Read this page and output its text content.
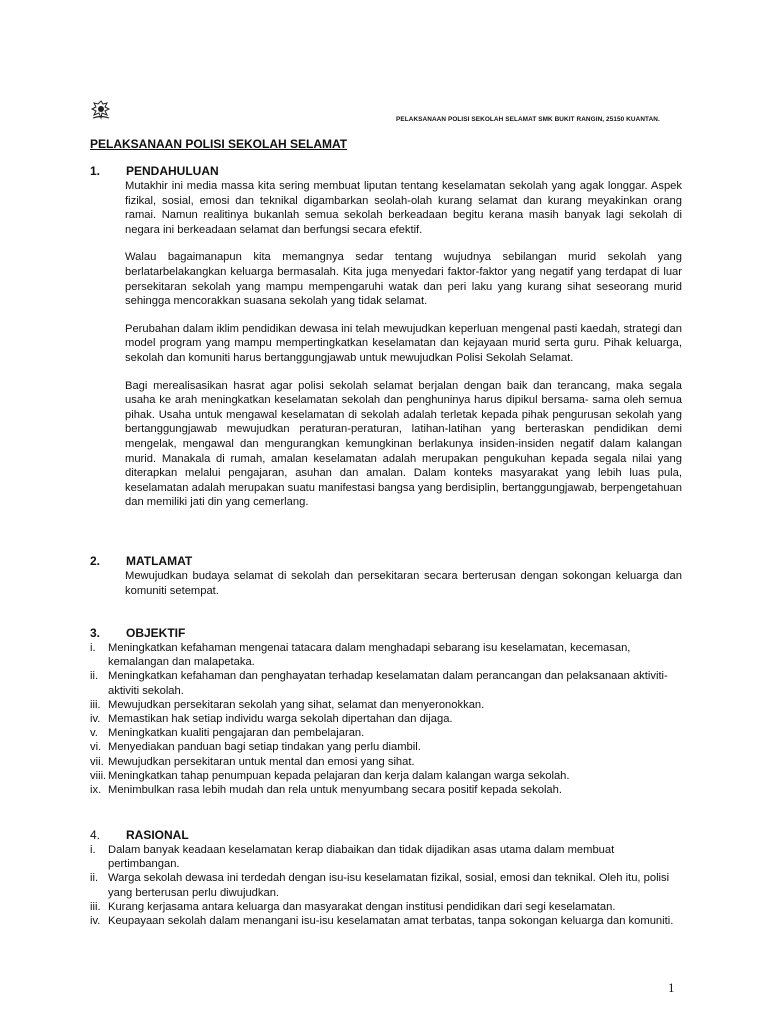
PELAKSANAAN POLISI SEKOLAH SELAMAT SMK BUKIT RANGIN, 25150 KUANTAN.
PELAKSANAAN POLISI SEKOLAH SELAMAT
1.	PENDAHULUAN

Mutakhir ini media massa kita sering membuat liputan tentang keselamatan sekolah yang agak longgar. Aspek fizikal, sosial, emosi dan teknikal digambarkan seolah-olah kurang selamat dan kurang meyakinkan orang ramai. Namun realitinya bukanlah semua sekolah berkeadaan begitu kerana masih banyak lagi sekolah di negara ini berkeadaan selamat dan berfungsi secara efektif.

Walau bagaimanapun kita memangnya sedar tentang wujudnya sebilangan murid sekolah yang berlatarbelakangkan keluarga bermasalah. Kita juga menyedari faktor-faktor yang negatif yang terdapat di luar persekitaran sekolah yang mampu mempengaruhi watak dan peri laku yang kurang sihat seseorang murid sehingga mencorakkan suasana sekolah yang tidak selamat.

Perubahan dalam iklim pendidikan dewasa ini telah mewujudkan keperluan mengenal pasti kaedah, strategi dan model program yang mampu mempertingkatkan keselamatan dan kejayaan murid serta guru. Pihak keluarga, sekolah dan komuniti harus bertanggungjawab untuk mewujudkan Polisi Sekolah Selamat.

Bagi merealisasikan hasrat agar polisi sekolah selamat berjalan dengan baik dan terancang, maka segala usaha ke arah meningkatkan keselamatan sekolah dan penghuninya harus dipikul bersama- sama oleh semua pihak. Usaha untuk mengawal keselamatan di sekolah adalah terletak kepada pihak pengurusan sekolah yang bertanggungjawab mewujudkan peraturan-peraturan, latihan-latihan yang berteraskan pendidikan demi mengelak, mengawal dan mengurangkan kemungkinan berlakunya insiden-insiden negatif dalam kalangan murid. Manakala di rumah, amalan keselamatan adalah merupakan pengukuhan kepada segala nilai yang diterapkan melalui pengajaran, asuhan dan amalan. Dalam konteks masyarakat yang lebih luas pula, keselamatan adalah merupakan suatu manifestasi bangsa yang berdisiplin, bertanggungjawab, berpengetahuan dan memiliki jati din yang cemerlang.

2.	MATLAMAT

Mewujudkan budaya selamat di sekolah dan persekitaran secara berterusan dengan sokongan keluarga dan komuniti setempat.

3.	OBJEKTIF
i.	Meningkatkan kefahaman mengenai tatacara dalam menghadapi sebarang isu keselamatan, kecemasan, kemalangan dan malapetaka.
ii. Meningkatkan kefahaman dan penghayatan terhadap keselamatan dalam perancangan dan pelaksanaan aktiviti-aktiviti sekolah.
iii. Mewujudkan persekitaran sekolah yang sihat, selamat dan menyeronokkan.
iv. Memastikan hak setiap individu warga sekolah dipertahan dan dijaga.
v. Meningkatkan kualiti pengajaran dan pembelajaran.
vi. Menyediakan panduan bagi setiap tindakan yang perlu diambil.
vii. Mewujudkan persekitaran untuk mental dan emosi yang sihat.
viii. Meningkatkan tahap penumpuan kepada pelajaran dan kerja dalam kalangan warga sekolah.
ix. Menimbulkan rasa lebih mudah dan rela untuk menyumbang secara positif kepada sekolah.
4.	RASIONAL
i.	Dalam banyak keadaan keselamatan kerap diabaikan dan tidak dijadikan asas utama dalam membuat pertimbangan.
ii. Warga sekolah dewasa ini terdedah dengan isu-isu keselamatan fizikal, sosial, emosi dan teknikal. Oleh itu, polisi yang berterusan perlu diwujudkan.
iii. Kurang kerjasama antara keluarga dan masyarakat dengan institusi pendidikan dari segi keselamatan.
iv. Keupayaan sekolah dalam menangani isu-isu keselamatan amat terbatas, tanpa sokongan keluarga dan komuniti.
1
